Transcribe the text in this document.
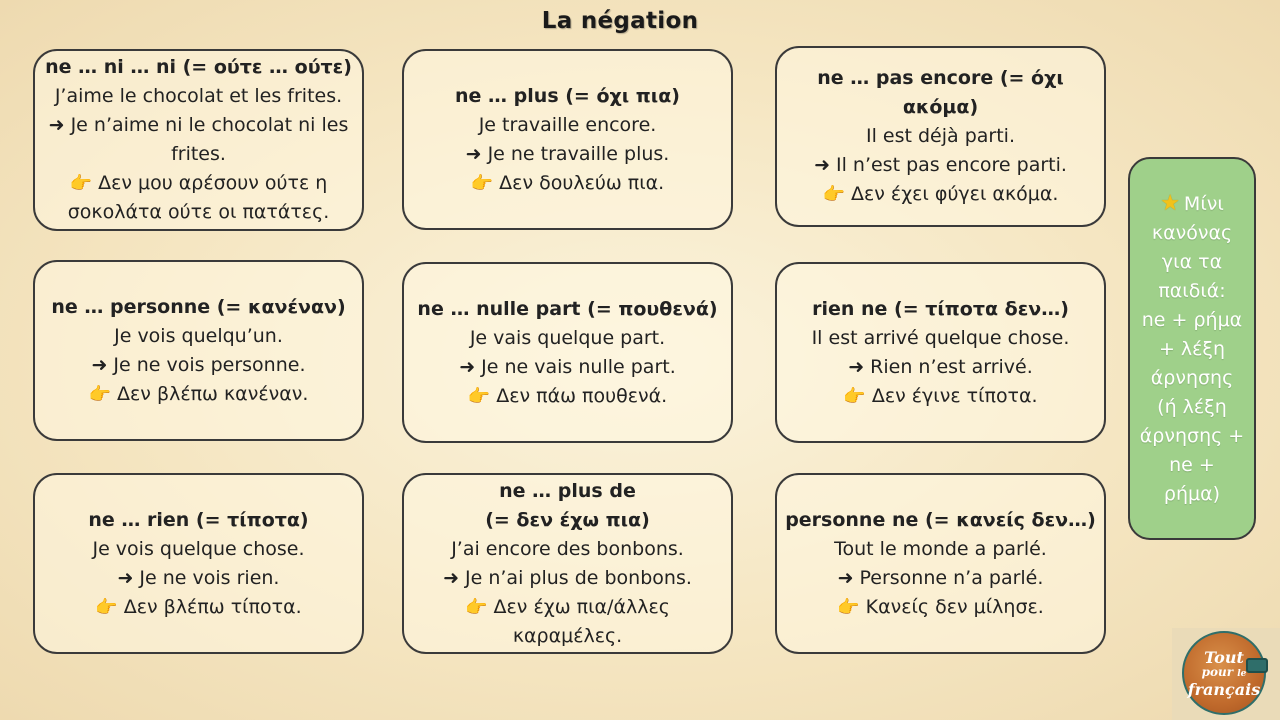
La négation
ne … ni … ni (= ούτε … ούτε)
J’aime le chocolat et les frites.
➜ Je n’aime ni le chocolat ni les
frites.
👉 Δεν μου αρέσουν ούτε η
σοκολάτα ούτε οι πατάτες.
ne … plus (= όχι πια)
Je travaille encore.
➜ Je ne travaille plus.
👉 Δεν δουλεύω πια.
ne … pas encore (= όχι ακόμα)
Il est déjà parti.
➜ Il n’est pas encore parti.
👉 Δεν έχει φύγει ακόμα.
ne … personne (= κανέναν)
Je vois quelqu’un.
➜ Je ne vois personne.
👉 Δεν βλέπω κανέναν.
ne … nulle part (= πουθενά)
Je vais quelque part.
➜ Je ne vais nulle part.
👉 Δεν πάω πουθενά.
rien ne (= τίποτα δεν…)
Il est arrivé quelque chose.
➜ Rien n’est arrivé.
👉 Δεν έγινε τίποτα.
ne … rien (= τίποτα)
Je vois quelque chose.
➜ Je ne vois rien.
👉 Δεν βλέπω τίποτα.
ne … plus de
(= δεν έχω πια)
J’ai encore des bonbons.
➜ Je n’ai plus de bonbons.
👉 Δεν έχω πια/άλλες
καραμέλες.
personne ne (= κανείς δεν…)
Tout le monde a parlé.
➜ Personne n’a parlé.
👉 Κανείς δεν μίλησε.
★ Μίνι
κανόνας
για τα
παιδιά:
ne + ρήμα
+ λέξη
άρνησης
(ή λέξη
άρνησης +
ne +
ρήμα)
Tout
pour le
français
